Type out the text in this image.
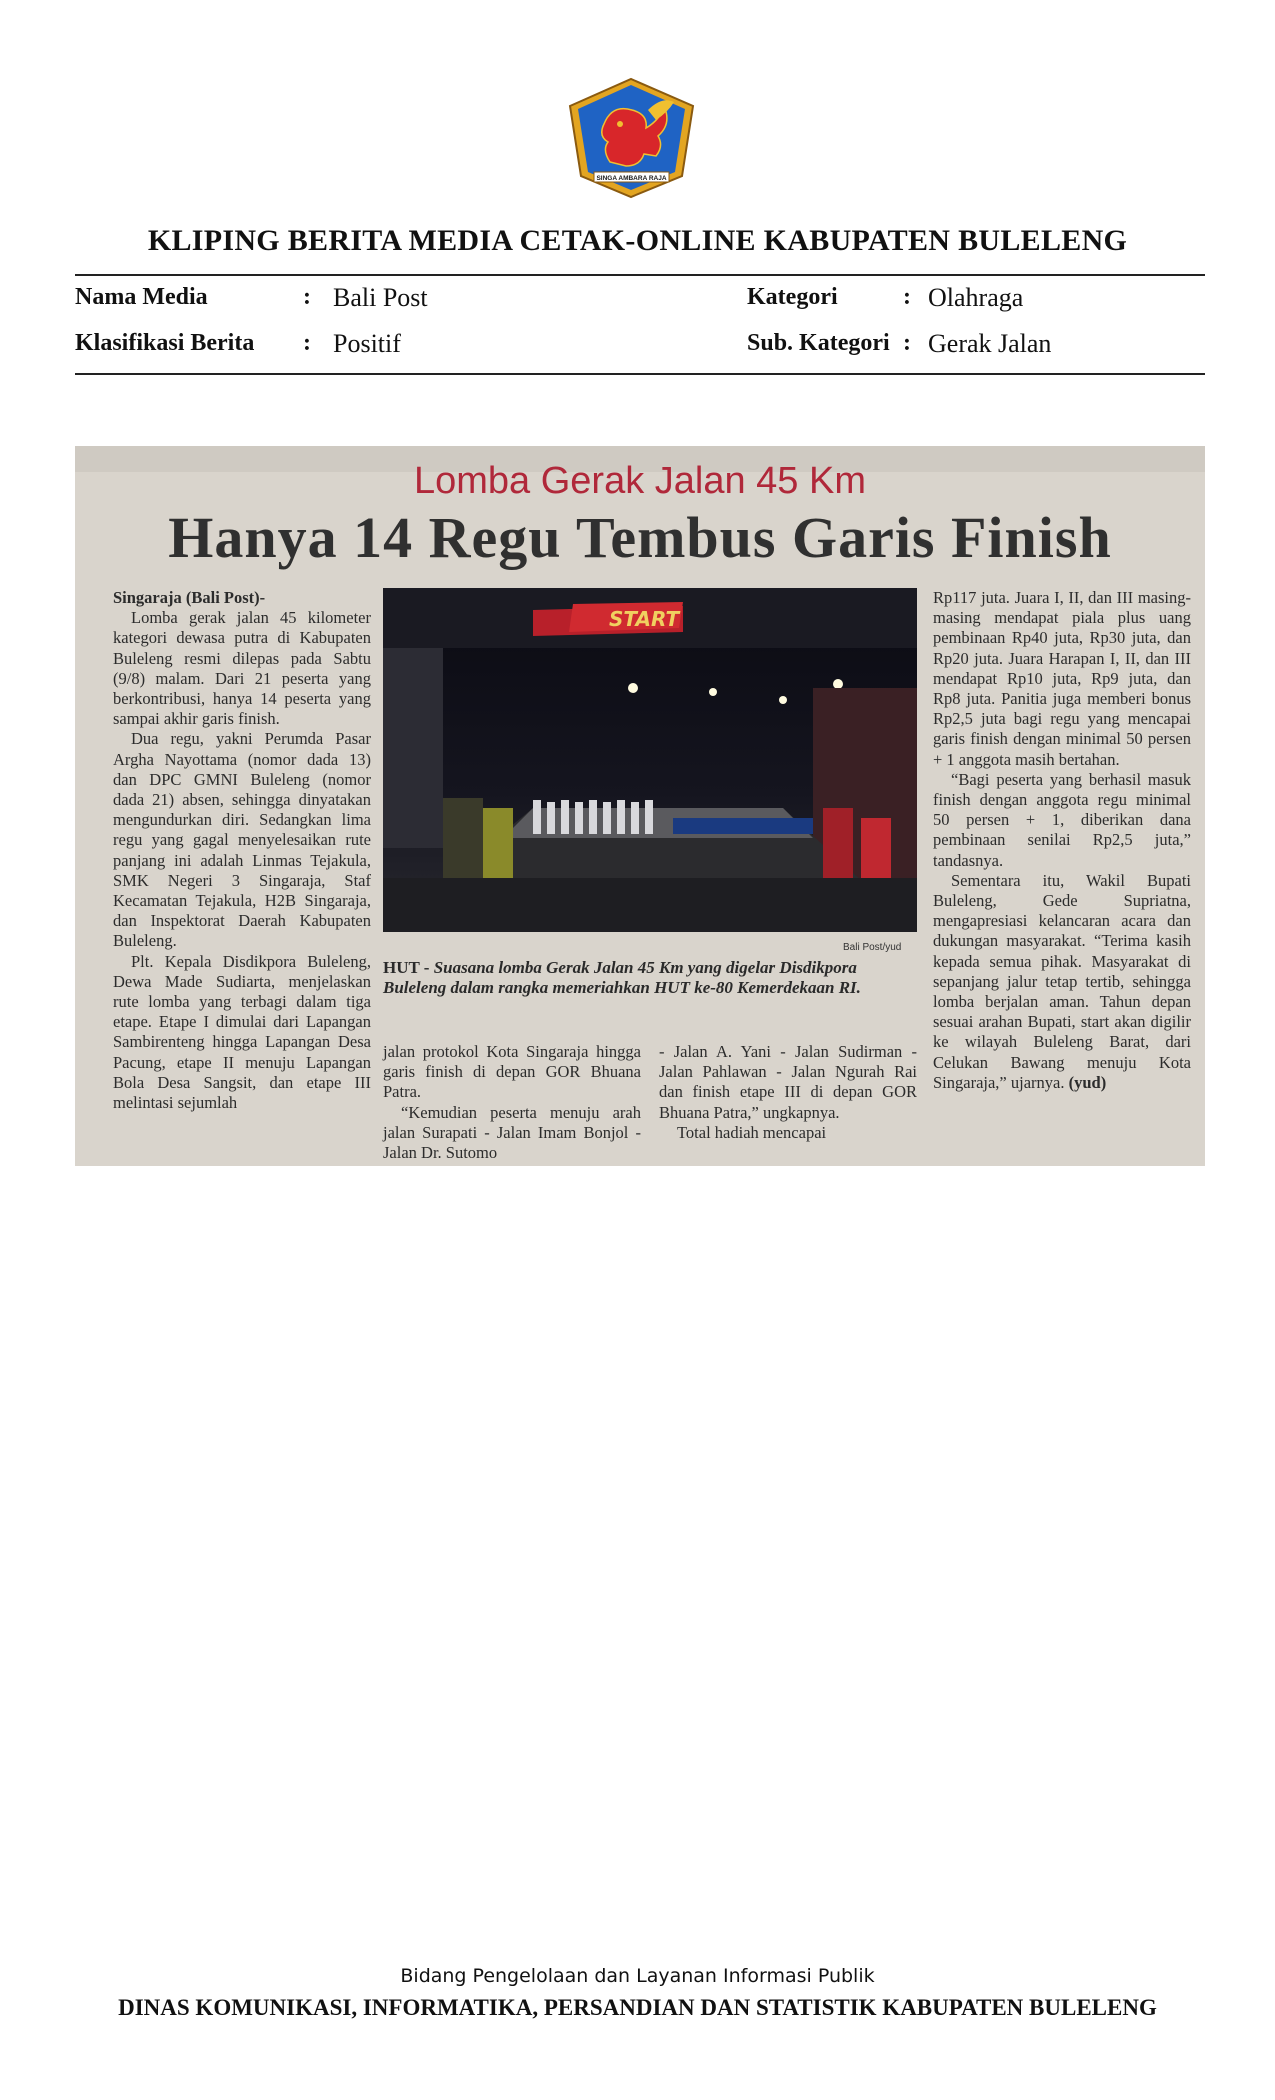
SINGA AMBARA RAJA
KLIPING BERITA MEDIA CETAK-ONLINE KABUPATEN BULELENG
Nama Media	: Bali Post	Kategori	: Olahraga
Klasifikasi Berita : Positif	Sub. Kategori : Gerak Jalan
Lomba Gerak Jalan 45 Km
Hanya 14 Regu Tembus Garis Finish

Singaraja (Bali Post)-

Lomba gerak jalan 45 kilometer kategori dewasa putra di Kabupaten Buleleng resmi dilepas pada Sabtu (9/8) malam. Dari 21 peserta yang berkontribusi, hanya 14 peserta yang sampai akhir garis finish.

Dua regu, yakni Perumda Pasar Argha Nayottama (nomor dada 13) dan DPC GMNI Buleleng (nomor dada 21) absen, sehingga dinyatakan mengundurkan diri. Sedangkan lima regu yang gagal menyelesaikan rute panjang ini adalah Linmas Tejakula, SMK Negeri 3 Singaraja, Staf Kecamatan Tejakula, H2B Singaraja, dan Inspektorat Daerah Kabupaten Buleleng.

Plt. Kepala Disdikpora Buleleng, Dewa Made Sudiarta, menjelaskan rute lomba yang terbagi dalam tiga etape. Etape I dimulai dari Lapangan Sambirenteng hingga Lapangan Desa Pacung, etape II menuju Lapangan Bola Desa Sangsit, dan etape III melintasi sejumlah

START
Bali Post/yud
HUT - Suasana lomba Gerak Jalan 45 Km yang digelar Disdikpora Buleleng dalam rangka memeriahkan HUT ke-80 Kemerdekaan RI.

jalan protokol Kota Singaraja hingga garis finish di depan GOR Bhuana Patra.

“Kemudian peserta menuju arah jalan Surapati - Jalan Imam Bonjol - Jalan Dr. Sutomo

- Jalan A. Yani - Jalan Sudirman - Jalan Pahlawan - Jalan Ngurah Rai dan finish etape III di depan GOR Bhuana Patra,” ungkapnya.

Total hadiah mencapai

Rp117 juta. Juara I, II, dan III masing-masing mendapat piala plus uang pembinaan Rp40 juta, Rp30 juta, dan Rp20 juta. Juara Harapan I, II, dan III mendapat Rp10 juta, Rp9 juta, dan Rp8 juta. Panitia juga memberi bonus Rp2,5 juta bagi regu yang mencapai garis finish dengan minimal 50 persen + 1 anggota masih bertahan.

“Bagi peserta yang berhasil masuk finish dengan anggota regu minimal 50 persen + 1, diberikan dana pembinaan senilai Rp2,5 juta,” tandasnya.

Sementara itu, Wakil Bupati Buleleng, Gede Supriatna, mengapresiasi kelancaran acara dan dukungan masyarakat. “Terima kasih kepada semua pihak. Masyarakat di sepanjang jalur tetap tertib, sehingga lomba berjalan aman. Tahun depan sesuai arahan Bupati, start akan digilir ke wilayah Buleleng Barat, dari Celukan Bawang menuju Kota Singaraja,” ujarnya. (yud)

Bidang Pengelolaan dan Layanan Informasi Publik
DINAS KOMUNIKASI, INFORMATIKA, PERSANDIAN DAN STATISTIK KABUPATEN BULELENG
